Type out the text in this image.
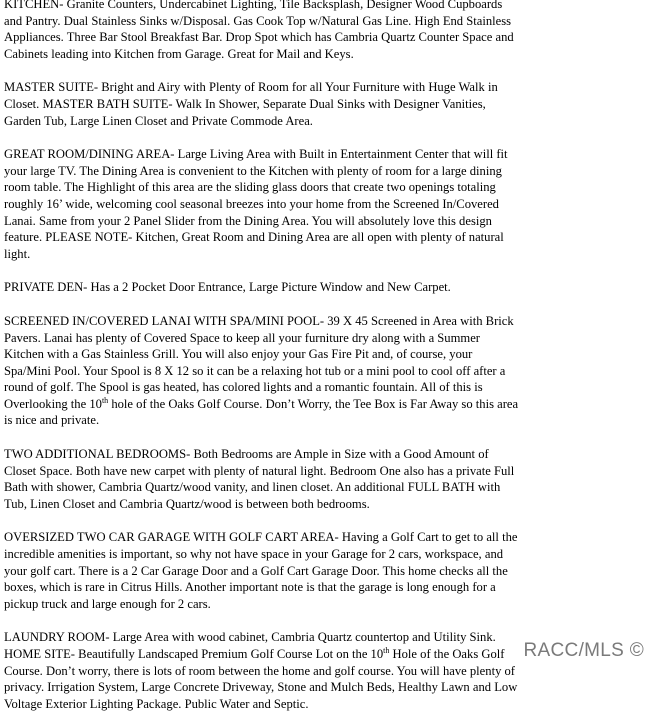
KITCHEN- Granite Counters, Undercabinet Lighting, Tile Backsplash, Designer Wood Cupboards and Pantry. Dual Stainless Sinks w/Disposal. Gas Cook Top w/Natural Gas Line. High End Stainless Appliances. Three Bar Stool Breakfast Bar. Drop Spot which has Cambria Quartz Counter Space and Cabinets leading into Kitchen from Garage. Great for Mail and Keys.

MASTER SUITE- Bright and Airy with Plenty of Room for all Your Furniture with Huge Walk in Closet. MASTER BATH SUITE- Walk In Shower, Separate Dual Sinks with Designer Vanities, Garden Tub, Large Linen Closet and Private Commode Area.

GREAT ROOM/DINING AREA- Large Living Area with Built in Entertainment Center that will fit your large TV. The Dining Area is convenient to the Kitchen with plenty of room for a large dining room table. The Highlight of this area are the sliding glass doors that create two openings totaling roughly 16’ wide, welcoming cool seasonal breezes into your home from the Screened In/Covered Lanai. Same from your 2 Panel Slider from the Dining Area. You will absolutely love this design feature. PLEASE NOTE- Kitchen, Great Room and Dining Area are all open with plenty of natural light.

PRIVATE DEN- Has a 2 Pocket Door Entrance, Large Picture Window and New Carpet.

SCREENED IN/COVERED LANAI WITH SPA/MINI POOL- 39 X 45 Screened in Area with Brick Pavers. Lanai has plenty of Covered Space to keep all your furniture dry along with a Summer Kitchen with a Gas Stainless Grill. You will also enjoy your Gas Fire Pit and, of course, your Spa/Mini Pool. Your Spool is 8 X 12 so it can be a relaxing hot tub or a mini pool to cool off after a round of golf. The Spool is gas heated, has colored lights and a romantic fountain. All of this is Overlooking the 10th hole of the Oaks Golf Course. Don’t Worry, the Tee Box is Far Away so this area is nice and private.

TWO ADDITIONAL BEDROOMS- Both Bedrooms are Ample in Size with a Good Amount of Closet Space. Both have new carpet with plenty of natural light. Bedroom One also has a private Full Bath with shower, Cambria Quartz/wood vanity, and linen closet. An additional FULL BATH with Tub, Linen Closet and Cambria Quartz/wood is between both bedrooms.

OVERSIZED TWO CAR GARAGE WITH GOLF CART AREA- Having a Golf Cart to get to all the incredible amenities is important, so why not have space in your Garage for 2 cars, workspace, and your golf cart. There is a 2 Car Garage Door and a Golf Cart Garage Door. This home checks all the boxes, which is rare in Citrus Hills. Another important note is that the garage is long enough for a pickup truck and large enough for 2 cars.

LAUNDRY ROOM- Large Area with wood cabinet, Cambria Quartz countertop and Utility Sink.

HOME SITE- Beautifully Landscaped Premium Golf Course Lot on the 10th Hole of the Oaks Golf Course. Don’t worry, there is lots of room between the home and golf course. You will have plenty of privacy. Irrigation System, Large Concrete Driveway, Stone and Mulch Beds, Healthy Lawn and Low Voltage Exterior Lighting Package. Public Water and Septic.

RACC/MLS ©
